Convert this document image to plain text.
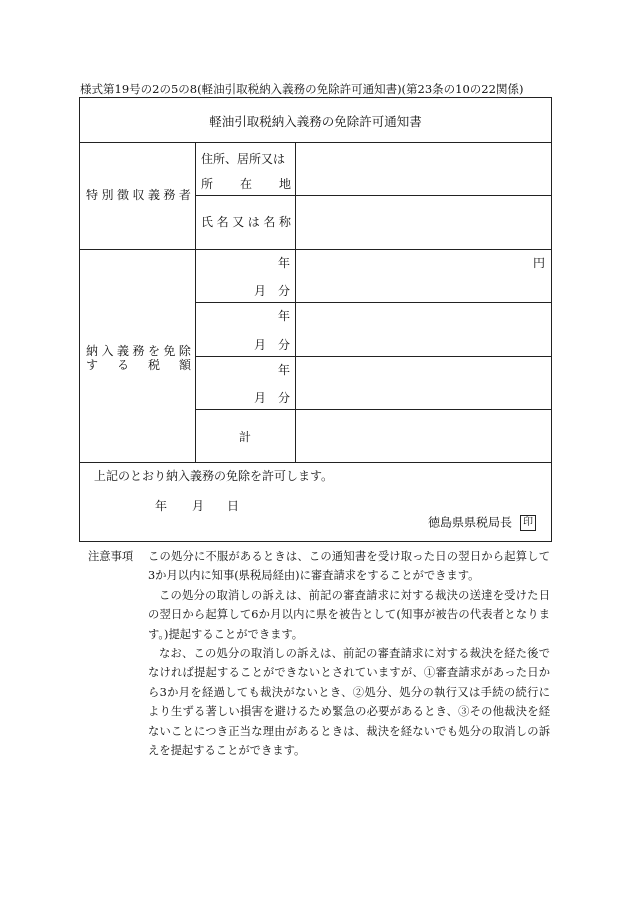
様式第19号の2の5の8(軽油引取税納入義務の免除許可通知書)(第23条の10の22関係)
軽油引取税納入義務の免除許可通知書
特 別 徴 収 義 務 者
住所、居所又は
所 在 地
氏 名 又 は 名 称
納 入 義 務 を 免 除
す る 税 額
年
月　分
円
年
月　分
年
月　分
計
上記のとおり納入義務の免除を許可します。
年 月 日
徳島県県税局長 印
注意事項	この処分に不服があるときは、この通知書を受け取った日の翌日から起算して3か月以内に知事(県税局経由)に審査請求をすることができます。

この処分の取消しの訴えは、前記の審査請求に対する裁決の送達を受けた日の翌日から起算して6か月以内に県を被告として(知事が被告の代表者となります。)提起することができます。

なお、この処分の取消しの訴えは、前記の審査請求に対する裁決を経た後でなければ提起することができないとされていますが、①審査請求があった日から3か月を経過しても裁決がないとき、②処分、処分の執行又は手続の続行により生ずる著しい損害を避けるため緊急の必要があるとき、③その他裁決を経ないことにつき正当な理由があるときは、裁決を経ないでも処分の取消しの訴えを提起することができます。
